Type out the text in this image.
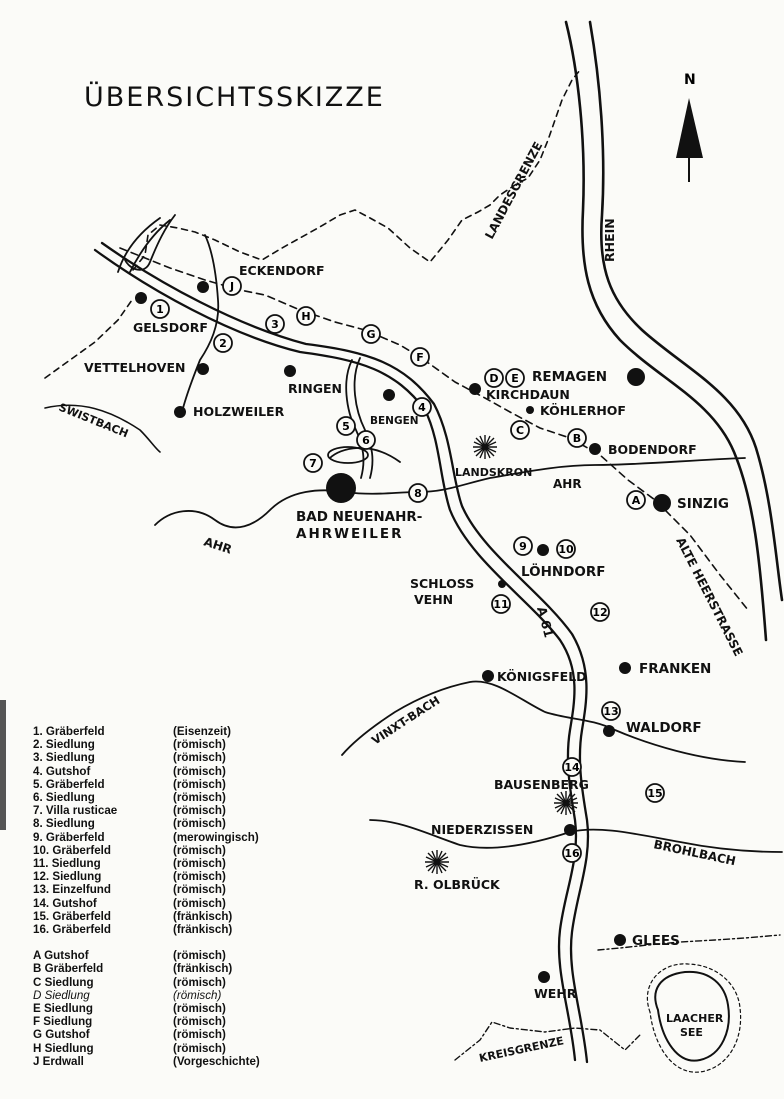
N
1
2
3
4
5
6
7
8
9	10
11
12
13
14
15
16
A
B
C
D E
F
G
H
J
ECKENDORF
GELSDORF
VETTELHOVEN
RINGEN
HOLZWEILER
BENGEN
REMAGEN
KIRCHDAUN
KÖHLERHOF
BODENDORF
LANDSKRON
SINZIG
BAD NEUENAHR-
AHRWEILER
LÖHNDORF
SCHLOSS
VEHN
KÖNIGSFELD	FRANKEN
WALDORF
BAUSENBERG
NIEDERZISSEN
R. OLBRÜCK
GLEES
WEHR
LAACHER
SEE
RHEIN
LANDESGRENZE
SWISTBACH
AHR
AHR
A 61
VINXT-BACH
BROHLBACH
ALTE HEERSTRASSE
KREISGRENZE
ÜBERSICHTSSKIZZE
1. Gräberfeld	(Eisenzeit)
2. Siedlung	(römisch)
3. Siedlung	(römisch)
4. Gutshof	(römisch)
5. Gräberfeld	(römisch)
6. Siedlung	(römisch)
7. Villa rusticae	(römisch)
8. Siedlung	(römisch)
9. Gräberfeld	(merowingisch)
10. Gräberfeld	(römisch)
11. Siedlung	(römisch)
12. Siedlung	(römisch)
13. Einzelfund	(römisch)
14. Gutshof	(römisch)
15. Gräberfeld	(fränkisch)
16. Gräberfeld	(fränkisch)
A Gutshof	(römisch)
B Gräberfeld	(fränkisch)
C Siedlung	(römisch)
D Siedlung	(römisch)
E Siedlung	(römisch)
F Siedlung	(römisch)
G Gutshof	(römisch)
H Siedlung	(römisch)
J Erdwall	(Vorgeschichte)
